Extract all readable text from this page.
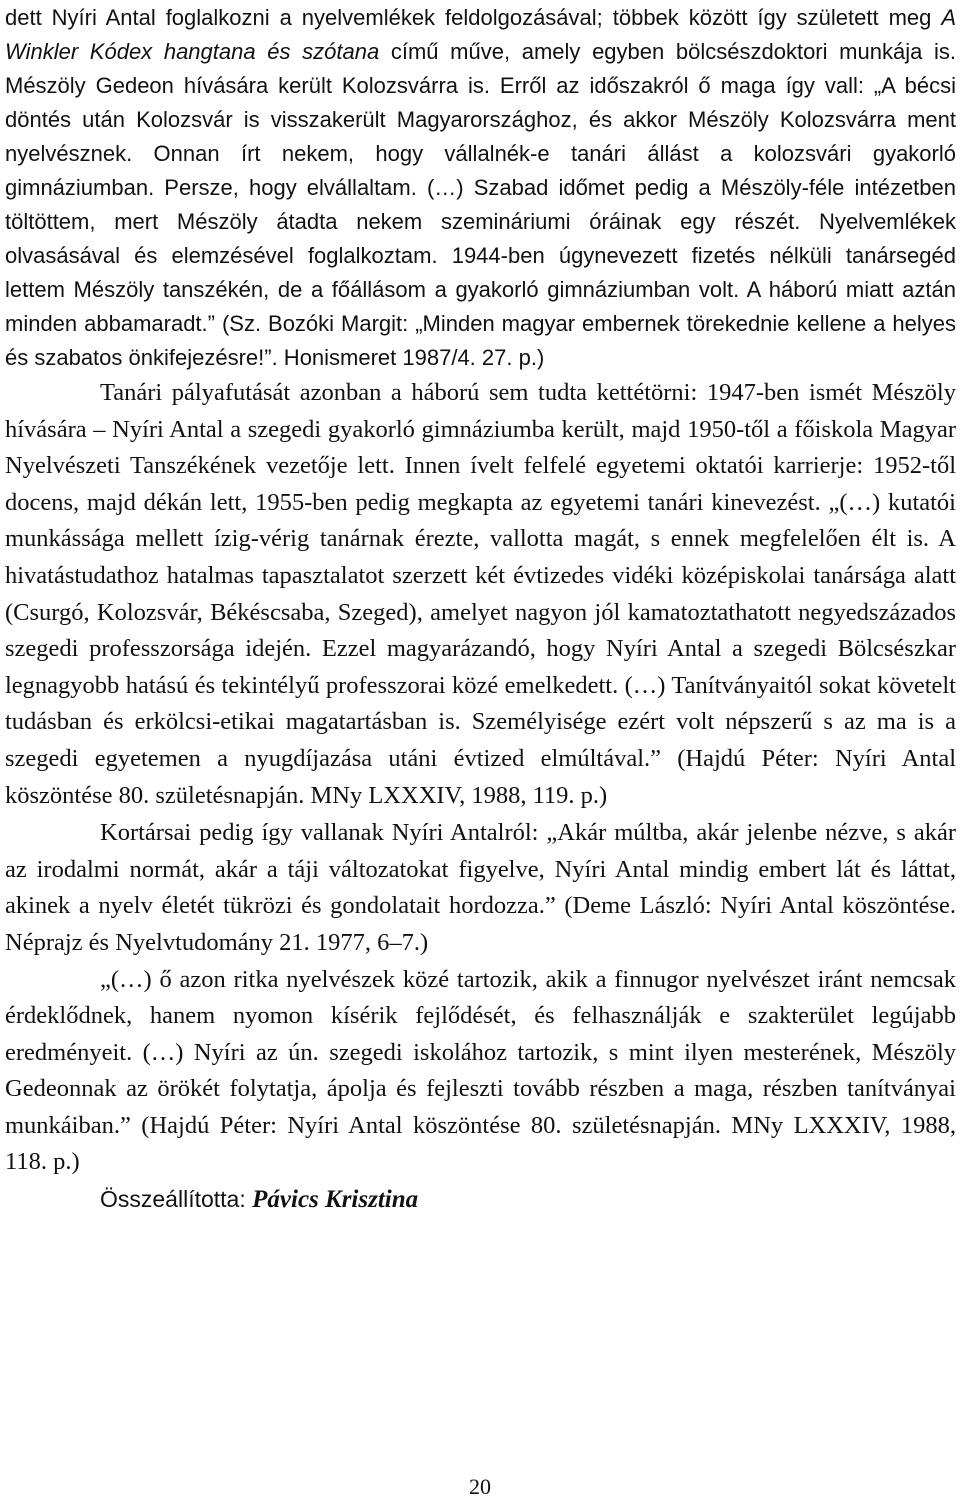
dett Nyíri Antal foglalkozni a nyelvemlékek feldolgozásával; többek között így született meg A Winkler Kódex hangtana és szótana című műve, amely egyben bölcsészdoktori munkája is. Mészöly Gedeon hívására került Kolozsvárra is. Erről az időszakról ő maga így vall: „A bécsi döntés után Kolozsvár is visszakerült Magyarországhoz, és akkor Mészöly Kolozsvárra ment nyelvésznek. Onnan írt nekem, hogy vállalnék-e tanári állást a kolozsvári gyakorló gimnáziumban. Persze, hogy elvállaltam. (…) Szabad időmet pedig a Mészöly-féle intézetben töltöttem, mert Mészöly átadta nekem szemináriumi óráinak egy részét. Nyelvemlékek olvasásával és elemzésével foglalkoztam. 1944-ben úgynevezett fizetés nélküli tanársegéd lettem Mészöly tanszékén, de a főállásom a gyakorló gimnáziumban volt. A háború miatt aztán minden abbamaradt.” (Sz. Bozóki Margit: „Minden magyar embernek törekednie kellene a helyes és szabatos önkifejezésre!”. Honismeret 1987/4. 27. p.)

Tanári pályafutását azonban a háború sem tudta kettétörni: 1947-ben ismét Mészöly hívására – Nyíri Antal a szegedi gyakorló gimnáziumba került, majd 1950-től a főiskola Magyar Nyelvészeti Tanszékének vezetője lett. Innen ívelt felfelé egyetemi oktatói karrierje: 1952-től docens, majd dékán lett, 1955-ben pedig megkapta az egyetemi tanári kinevezést. „(…) kutatói munkássága mellett ízig-vérig tanárnak érezte, vallotta magát, s ennek megfelelően élt is. A hivatástudathoz hatalmas tapasztalatot szerzett két évtizedes vidéki középiskolai tanársága alatt (Csurgó, Kolozsvár, Békéscsaba, Szeged), amelyet nagyon jól kamatoztathatott negyedszázados szegedi professzorsága idején. Ezzel magyarázandó, hogy Nyíri Antal a szegedi Bölcsészkar legnagyobb hatású és tekintélyű professzorai közé emelkedett. (…) Tanítványaitól sokat követelt tudásban és erkölcsi-etikai magatartásban is. Személyisége ezért volt népszerű s az ma is a szegedi egyetemen a nyugdíjazása utáni évtized elmúltával.” (Hajdú Péter: Nyíri Antal köszöntése 80. születésnapján. MNy LXXXIV, 1988, 119. p.)

Kortársai pedig így vallanak Nyíri Antalról: „Akár múltba, akár jelenbe nézve, s akár az irodalmi normát, akár a táji változatokat figyelve, Nyíri Antal mindig embert lát és láttat, akinek a nyelv életét tükrözi és gondolatait hordozza.” (Deme László: Nyíri Antal köszöntése. Néprajz és Nyelvtudomány 21. 1977, 6–7.)

„(…) ő azon ritka nyelvészek közé tartozik, akik a finnugor nyelvészet iránt nemcsak érdeklődnek, hanem nyomon kísérik fejlődését, és felhasználják e szakterület legújabb eredményeit. (…) Nyíri az ún. szegedi iskolához tartozik, s mint ilyen mesterének, Mészöly Gedeonnak az örökét folytatja, ápolja és fejleszti tovább részben a maga, részben tanítványai munkáiban.” (Hajdú Péter: Nyíri Antal köszöntése 80. születésnapján. MNy LXXXIV, 1988, 118. p.)

Összeállította: Pávics Krisztina

20
